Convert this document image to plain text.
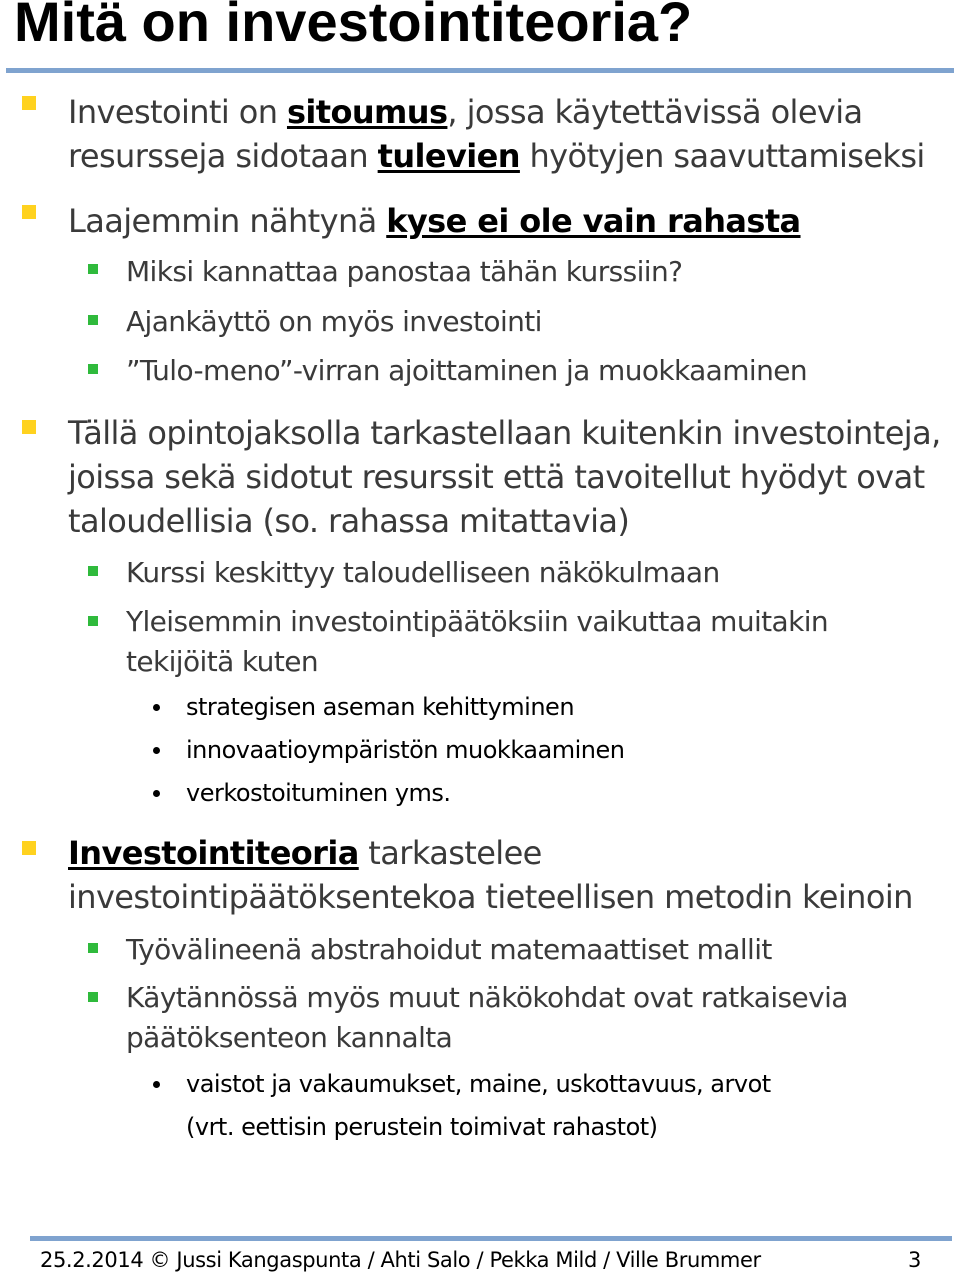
Mitä on investointiteoria?
Investointi on sitoumus, jossa käytettävissä olevia resursseja sidotaan tulevien hyötyjen saavuttamiseksi
Laajemmin nähtynä kyse ei ole vain rahasta
Miksi kannattaa panostaa tähän kurssiin?
Ajankäyttö on myös investointi
”Tulo-meno”-virran ajoittaminen ja muokkaaminen
Tällä opintojaksolla tarkastellaan kuitenkin investointeja, joissa sekä sidotut resurssit että tavoitellut hyödyt ovat taloudellisia (so. rahassa mitattavia)
Kurssi keskittyy taloudelliseen näkökulmaan
Yleisemmin investointipäätöksiin vaikuttaa muitakin tekijöitä kuten
strategisen aseman kehittyminen
innovaatioympäristön muokkaaminen
verkostoituminen yms.
Investointiteoria tarkastelee investointipäätöksentekoa tieteellisen metodin keinoin
Työvälineenä abstrahoidut matemaattiset mallit
Käytännössä myös muut näkökohdat ovat ratkaisevia päätöksenteon kannalta
vaistot ja vakaumukset, maine, uskottavuus, arvot
(vrt. eettisin perustein toimivat rahastot)
25.2.2014 © Jussi Kangaspunta / Ahti Salo / Pekka Mild / Ville Brummer	3
